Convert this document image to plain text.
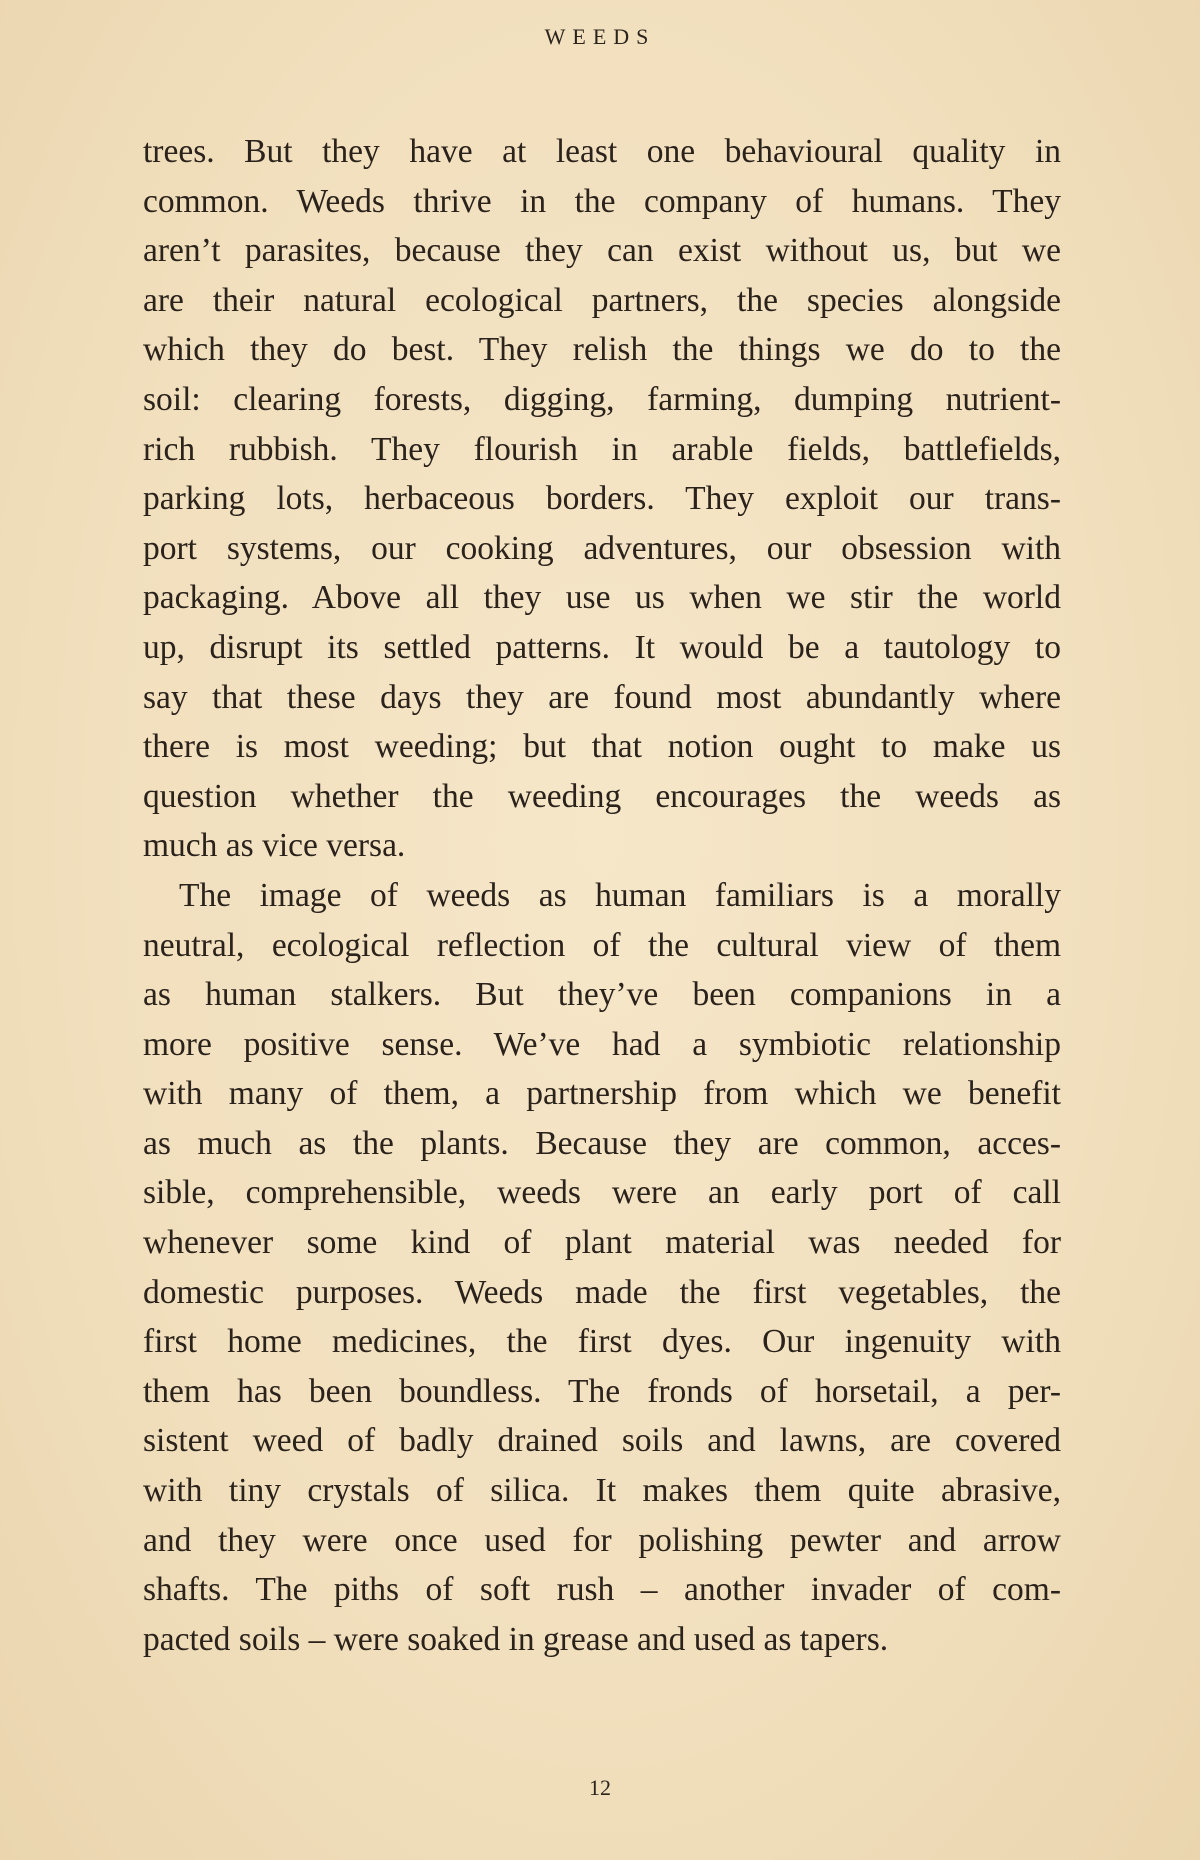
WEEDS
trees. But they have at least one behavioural quality in
common. Weeds thrive in the company of humans. They
aren’t parasites, because they can exist without us, but we
are their natural ecological partners, the species alongside
which they do best. They relish the things we do to the
soil: clearing forests, digging, farming, dumping nutrient-
rich rubbish. They flourish in arable fields, battlefields,
parking lots, herbaceous borders. They exploit our trans-
port systems, our cooking adventures, our obsession with
packaging. Above all they use us when we stir the world
up, disrupt its settled patterns. It would be a tautology to
say that these days they are found most abundantly where
there is most weeding; but that notion ought to make us
question whether the weeding encourages the weeds as
much as vice versa.
The image of weeds as human familiars is a morally
neutral, ecological reflection of the cultural view of them
as human stalkers. But they’ve been companions in a
more positive sense. We’ve had a symbiotic relationship
with many of them, a partnership from which we benefit
as much as the plants. Because they are common, acces-
sible, comprehensible, weeds were an early port of call
whenever some kind of plant material was needed for
domestic purposes. Weeds made the first vegetables, the
first home medicines, the first dyes. Our ingenuity with
them has been boundless. The fronds of horsetail, a per-
sistent weed of badly drained soils and lawns, are covered
with tiny crystals of silica. It makes them quite abrasive,
and they were once used for polishing pewter and arrow
shafts. The piths of soft rush – another invader of com-
pacted soils – were soaked in grease and used as tapers.
12
